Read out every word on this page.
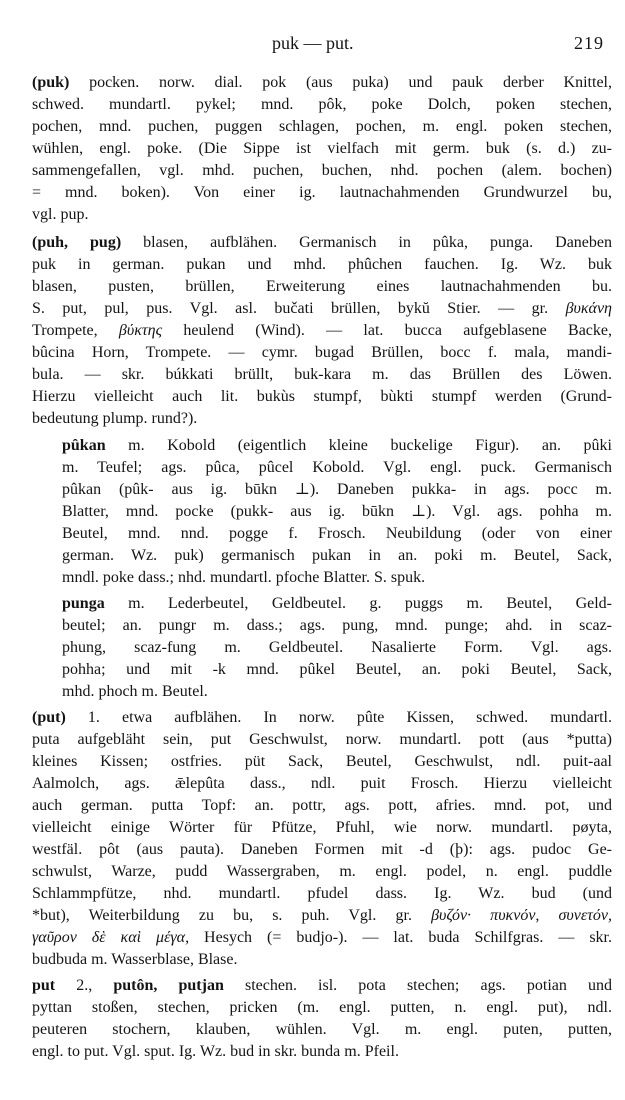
puk — put.	219
(puk) pocken. norw. dial. pok (aus puka) und pauk derber Knittel,
schwed. mundartl. pykel; mnd. pôk, poke Dolch, poken stechen,
pochen, mnd. puchen, puggen schlagen, pochen, m. engl. poken stechen,
wühlen, engl. poke. (Die Sippe ist vielfach mit germ. buk (s. d.) zu-
sammengefallen, vgl. mhd. puchen, buchen, nhd. pochen (alem. bochen)
= mnd. boken). Von einer ig. lautnachahmenden Grundwurzel bu,
vgl. pup.
(puh, pug) blasen, aufblähen. Germanisch in pûka, punga. Daneben
puk in german. pukan und mhd. phûchen fauchen. Ig. Wz. buk
blasen, pusten, brüllen, Erweiterung eines lautnachahmenden bu.
S. put, pul, pus. Vgl. asl. bučati brüllen, bykŭ Stier. — gr. βυκάνη
Trompete, βύκτης heulend (Wind). — lat. bucca aufgeblasene Backe,
bûcina Horn, Trompete. — cymr. bugad Brüllen, bocc f. mala, mandi-
bula. — skr. búkkati brüllt, buk-kara m. das Brüllen des Löwen.
Hierzu vielleicht auch lit. bukùs stumpf, bùkti stumpf werden (Grund-
bedeutung plump. rund?).
pûkan m. Kobold (eigentlich kleine buckelige Figur). an. pûki
m. Teufel; ags. pûca, pûcel Kobold. Vgl. engl. puck. Germanisch
pûkan (pûk- aus ig. būkn ⊥). Daneben pukka- in ags. pocc m.
Blatter, mnd. pocke (pukk- aus ig. būkn ⊥). Vgl. ags. pohha m.
Beutel, mnd. nnd. pogge f. Frosch. Neubildung (oder von einer
german. Wz. puk) germanisch pukan in an. poki m. Beutel, Sack,
mndl. poke dass.; nhd. mundartl. pfoche Blatter. S. spuk.
punga m. Lederbeutel, Geldbeutel. g. puggs m. Beutel, Geld-
beutel; an. pungr m. dass.; ags. pung, mnd. punge; ahd. in scaz-
phung, scaz-fung m. Geldbeutel. Nasalierte Form. Vgl. ags.
pohha; und mit -k mnd. pûkel Beutel, an. poki Beutel, Sack,
mhd. phoch m. Beutel.
(put) 1. etwa aufblähen. In norw. pûte Kissen, schwed. mundartl.
puta aufgebläht sein, put Geschwulst, norw. mundartl. pott (aus *putta)
kleines Kissen; ostfries. püt Sack, Beutel, Geschwulst, ndl. puit-aal
Aalmolch, ags. ǣlepûta dass., ndl. puit Frosch. Hierzu vielleicht
auch german. putta Topf: an. pottr, ags. pott, afries. mnd. pot, und
vielleicht einige Wörter für Pfütze, Pfuhl, wie norw. mundartl. pøyta,
westfäl. pôt (aus pauta). Daneben Formen mit -d (þ): ags. pudoc Ge-
schwulst, Warze, pudd Wassergraben, m. engl. podel, n. engl. puddle
Schlammpfütze, nhd. mundartl. pfudel dass. Ig. Wz. bud (und
*but), Weiterbildung zu bu, s. puh. Vgl. gr. βυζόν· πυκνόν, συνετόν,
γαῦρον δὲ καὶ μέγα, Hesych (= budjo-). — lat. buda Schilfgras. — skr.
budbuda m. Wasserblase, Blase.
put 2., putôn, putjan stechen. isl. pota stechen; ags. potian und
pyttan stoßen, stechen, pricken (m. engl. putten, n. engl. put), ndl.
peuteren stochern, klauben, wühlen. Vgl. m. engl. puten, putten,
engl. to put. Vgl. sput. Ig. Wz. bud in skr. bunda m. Pfeil.
